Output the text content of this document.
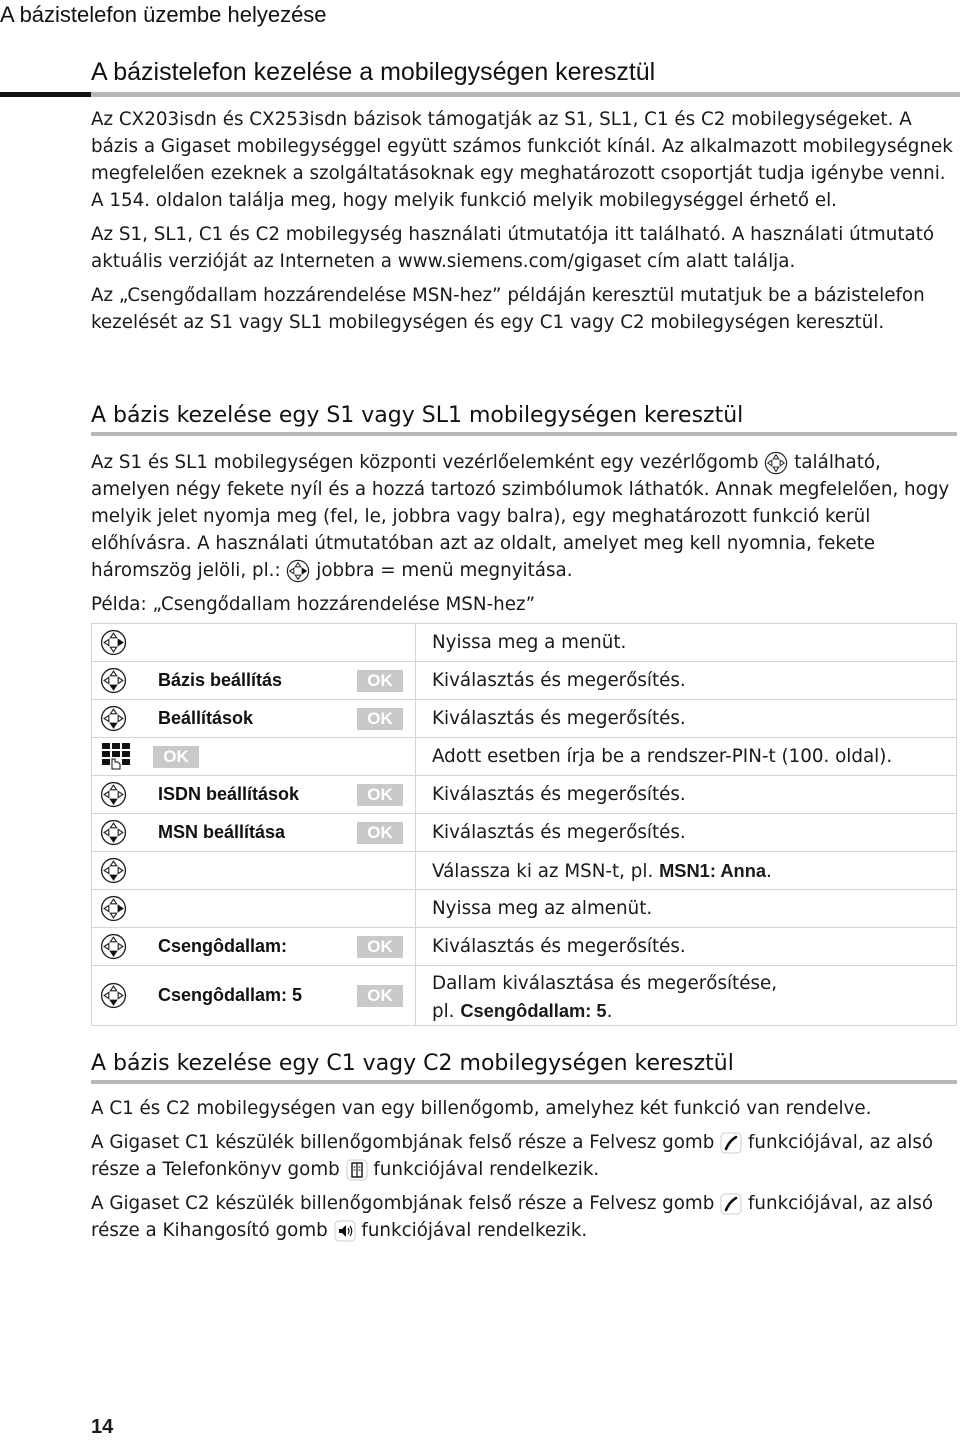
A bázistelefon üzembe helyezése
A bázistelefon kezelése a mobilegységen keresztül

Az CX203isdn és CX253isdn bázisok támogatják az S1, SL1, C1 és C2 mobilegységeket. A bázis a Gigaset mobilegységgel együtt számos funkciót kínál. Az alkalmazott mobilegységnek megfelelően ezeknek a szolgáltatásoknak egy meghatározott csoportját tudja igénybe venni. A 154. oldalon találja meg, hogy melyik funkció melyik mobilegységgel érhető el.

Az S1, SL1, C1 és C2 mobilegység használati útmutatója itt található. A használati útmutató aktuális verzióját az Interneten a www.siemens.com/gigaset cím alatt találja.

Az „Csengődallam hozzárendelése MSN-hez” példáján keresztül mutatjuk be a bázistelefon kezelését az S1 vagy SL1 mobilegységen és egy C1 vagy C2 mobilegységen keresztül.

A bázis kezelése egy S1 vagy SL1 mobilegységen keresztül

Az S1 és SL1 mobilegységen központi vezérlőelemként egy vezérlőgomb található, amelyen négy fekete nyíl és a hozzá tartozó szimbólumok láthatók. Annak megfelelően, hogy melyik jelet nyomja meg (fel, le, jobbra vagy balra), egy meghatározott funkció kerül előhívásra. A használati útmutatóban azt az oldalt, amelyet meg kell nyomnia, fekete háromszög jelöli, pl.: jobbra = menü megnyitása.

Példa: „Csengődallam hozzárendelése MSN-hez”

	Nyissa meg a menüt.

Bázis beállítás OK	Kiválasztás és megerősítés.

Beállítások OK	Kiválasztás és megerősítés.

OK	Adott esetben írja be a rendszer-PIN-t (100. oldal).

ISDN beállítások OK	Kiválasztás és megerősítés.

MSN beállítása OK	Kiválasztás és megerősítés.

	Válassza ki az MSN-t, pl. MSN1: Anna.

	Nyissa meg az almenüt.

Csengôdallam: OK	Kiválasztás és megerősítés.

Csengôdallam: 5 OK	Dallam kiválasztása és megerősítése,
pl. Csengôdallam: 5.
A bázis kezelése egy C1 vagy C2 mobilegységen keresztül

A C1 és C2 mobilegységen van egy billenőgomb, amelyhez két funkció van rendelve.

A Gigaset C1 készülék billenőgombjának felső része a Felvesz gomb funkciójával, az alsó része a Telefonkönyv gomb funkciójával rendelkezik.

A Gigaset C2 készülék billenőgombjának felső része a Felvesz gomb funkciójával, az alsó része a Kihangosító gomb funkciójával rendelkezik.

14
